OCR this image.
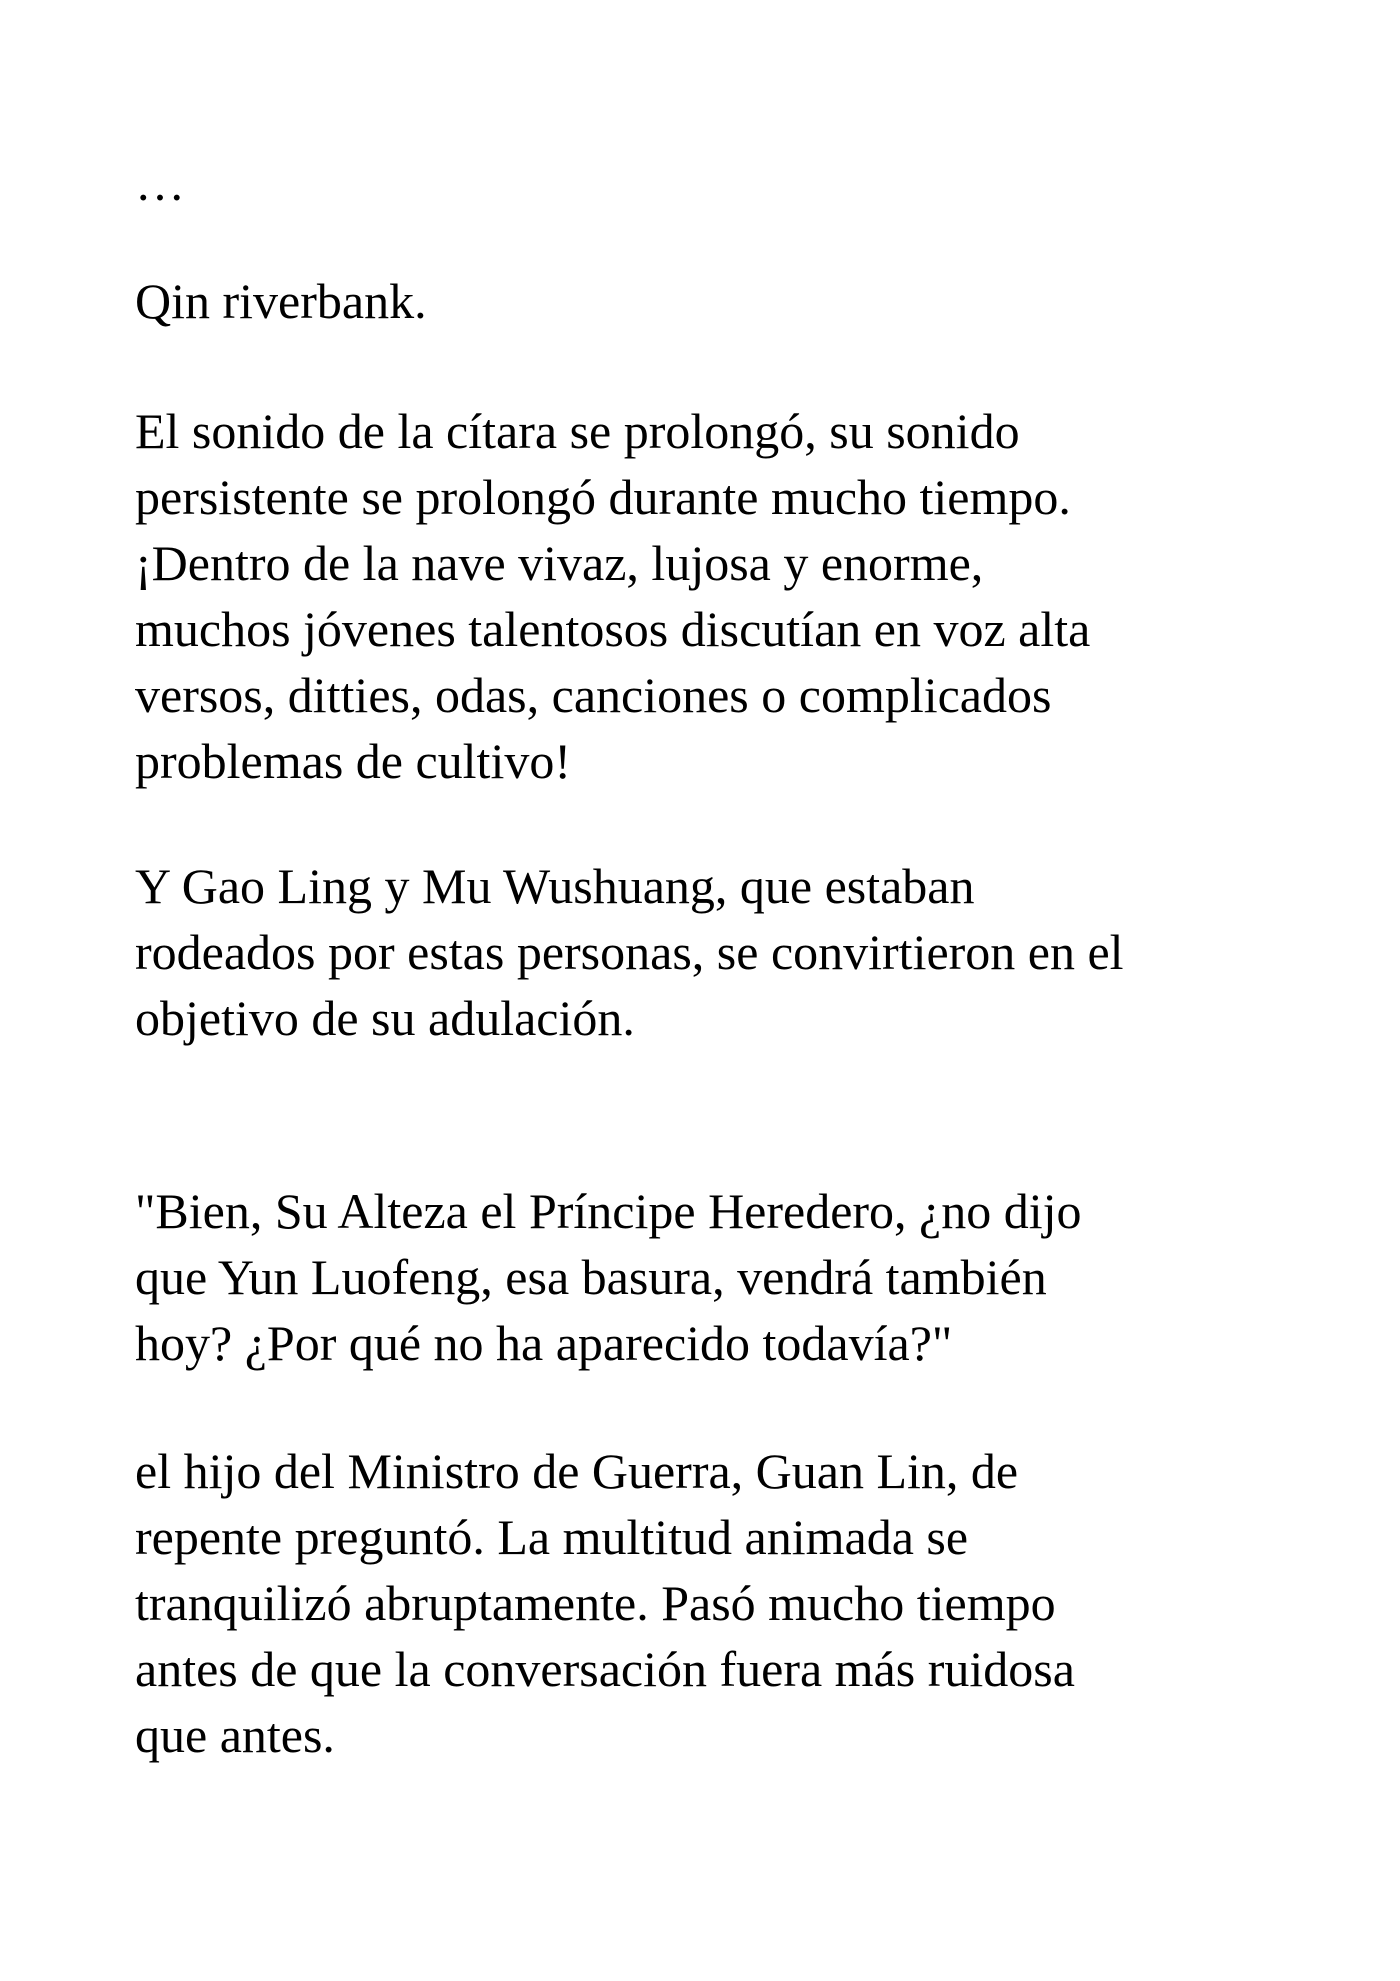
…

Qin riverbank.

El sonido de la cítara se prolongó, su sonido
persistente se prolongó durante mucho tiempo.
¡Dentro de la nave vivaz, lujosa y enorme,
muchos jóvenes talentosos discutían en voz alta
versos, ditties, odas, canciones o complicados
problemas de cultivo!

Y Gao Ling y Mu Wushuang, que estaban
rodeados por estas personas, se convirtieron en el
objetivo de su adulación.

"Bien, Su Alteza el Príncipe Heredero, ¿no dijo
que Yun Luofeng, esa basura, vendrá también
hoy? ¿Por qué no ha aparecido todavía?"

el hijo del Ministro de Guerra, Guan Lin, de
repente preguntó. La multitud animada se
tranquilizó abruptamente. Pasó mucho tiempo
antes de que la conversación fuera más ruidosa
que antes.
